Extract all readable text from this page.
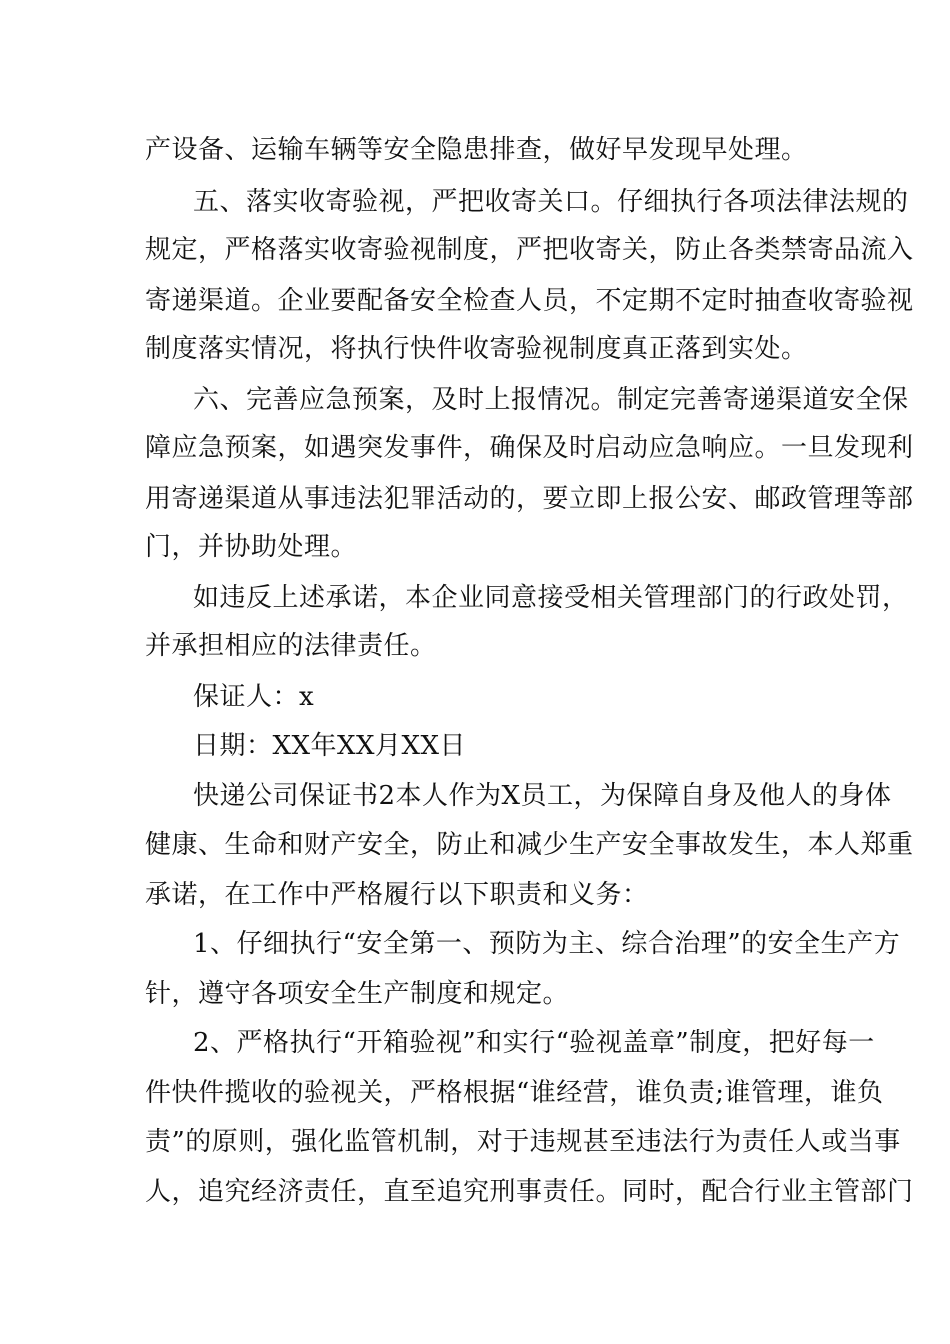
产设备、运输车辆等安全隐患排查，做好早发现早处理。
五、落实收寄验视，严把收寄关口。仔细执行各项法律法规的
规定，严格落实收寄验视制度，严把收寄关，防止各类禁寄品流入
寄递渠道。企业要配备安全检查人员，不定期不定时抽查收寄验视
制度落实情况，将执行快件收寄验视制度真正落到实处。
六、完善应急预案，及时上报情况。制定完善寄递渠道安全保
障应急预案，如遇突发事件，确保及时启动应急响应。一旦发现利
用寄递渠道从事违法犯罪活动的，要立即上报公安、邮政管理等部
门，并协助处理。
如违反上述承诺，本企业同意接受相关管理部门的行政处罚，
并承担相应的法律责任。
保证人：x
日期：XX年XX月XX日
快递公司保证书2本人作为X员工，为保障自身及他人的身体
健康、生命和财产安全，防止和减少生产安全事故发生，本人郑重
承诺，在工作中严格履行以下职责和义务：
1、仔细执行“安全第一、预防为主、综合治理”的安全生产方
针，遵守各项安全生产制度和规定。
2、严格执行“开箱验视”和实行“验视盖章”制度，把好每一
件快件揽收的验视关，严格根据“谁经营，谁负责;谁管理，谁负
责”的原则，强化监管机制，对于违规甚至违法行为责任人或当事
人，追究经济责任，直至追究刑事责任。同时，配合行业主管部门
